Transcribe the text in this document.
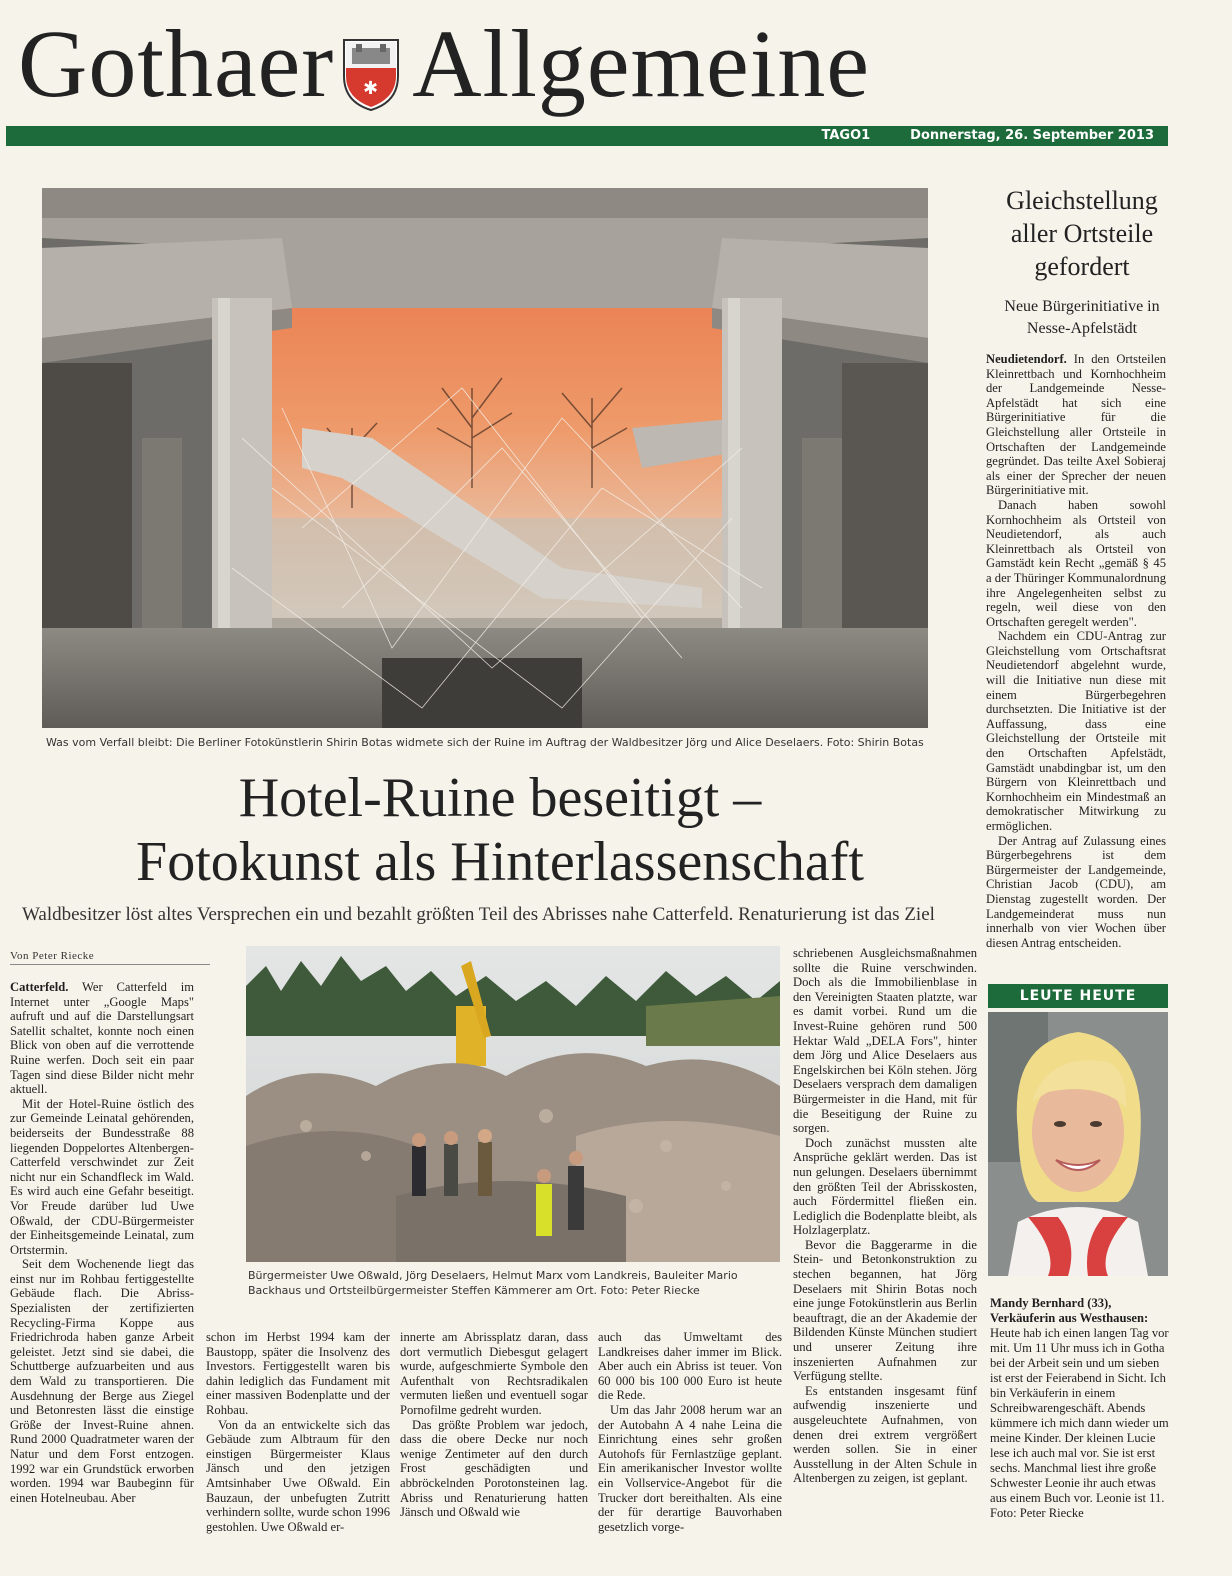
Gothaer ✱ Allgemeine
TAGO1	Donnerstag, 26. September 2013
Was vom Verfall bleibt: Die Berliner Fotokünstlerin Shirin Botas widmete sich der Ruine im Auftrag der Waldbesitzer Jörg und Alice Deselaers. Foto: Shirin Botas
Hotel-Ruine beseitigt –
Fotokunst als Hinterlassenschaft
Waldbesitzer löst altes Versprechen ein und bezahlt größten Teil des Abrisses nahe Catterfeld. Renaturierung ist das Ziel
Von Peter Riecke

Catterfeld. Wer Catterfeld im Internet unter „Google Maps" aufruft und auf die Darstellungsart Satellit schaltet, konnte noch einen Blick von oben auf die verrottende Ruine werfen. Doch seit ein paar Tagen sind diese Bilder nicht mehr aktuell.

Mit der Hotel-Ruine östlich des zur Gemeinde Leinatal gehörenden, beiderseits der Bundesstraße 88 liegenden Doppelortes Altenbergen-Catterfeld verschwindet zur Zeit nicht nur ein Schandfleck im Wald. Es wird auch eine Gefahr beseitigt. Vor Freude darüber lud Uwe Oßwald, der CDU-Bürgermeister der Einheitsgemeinde Leinatal, zum Ortstermin.

Seit dem Wochenende liegt das einst nur im Rohbau fertiggestellte Gebäude flach. Die Abriss-Spezialisten der zertifizierten Recycling-Firma Koppe aus Friedrichroda haben ganze Arbeit geleistet. Jetzt sind sie dabei, die Schuttberge aufzuarbeiten und aus dem Wald zu transportieren. Die Ausdehnung der Berge aus Ziegel und Betonresten lässt die einstige Größe der Invest-Ruine ahnen. Rund 2000 Quadratmeter waren der Natur und dem Forst entzogen. 1992 war ein Grundstück erworben worden. 1994 war Baubeginn für einen Hotelneubau. Aber

Bürgermeister Uwe Oßwald, Jörg Deselaers, Helmut Marx vom Landkreis, Bauleiter Mario Backhaus und Ortsteilbürgermeister Steffen Kämmerer am Ort. Foto: Peter Riecke

schon im Herbst 1994 kam der Baustopp, später die Insolvenz des Investors. Fertiggestellt waren bis dahin lediglich das Fundament mit einer massiven Bodenplatte und der Rohbau.

Von da an entwickelte sich das Gebäude zum Albtraum für den einstigen Bürgermeister Klaus Jänsch und den jetzigen Amtsinhaber Uwe Oßwald. Ein Bauzaun, der unbefugten Zutritt verhindern sollte, wurde schon 1996 gestohlen. Uwe Oßwald er-

innerte am Abrissplatz daran, dass dort vermutlich Diebesgut gelagert wurde, aufgeschmierte Symbole den Aufenthalt von Rechtsradikalen vermuten ließen und eventuell sogar Pornofilme gedreht wurden.

Das größte Problem war jedoch, dass die obere Decke nur noch wenige Zentimeter auf den durch Frost geschädigten und abbröckelnden Porotonsteinen lag. Abriss und Renaturierung hatten Jänsch und Oßwald wie

auch das Umweltamt des Landkreises daher immer im Blick. Aber auch ein Abriss ist teuer. Von 60 000 bis 100 000 Euro ist heute die Rede.

Um das Jahr 2008 herum war an der Autobahn A 4 nahe Leina die Einrichtung eines sehr großen Autohofs für Fernlastzüge geplant. Ein amerikanischer Investor wollte ein Vollservice-Angebot für die Trucker dort bereithalten. Als eine der für derartige Bauvorhaben gesetzlich vorge-

schriebenen Ausgleichsmaßnahmen sollte die Ruine verschwinden. Doch als die Immobilienblase in den Vereinigten Staaten platzte, war es damit vorbei. Rund um die Invest-Ruine gehören rund 500 Hektar Wald „DELA Fors", hinter dem Jörg und Alice Deselaers aus Engelskirchen bei Köln stehen. Jörg Deselaers versprach dem damaligen Bürgermeister in die Hand, mit für die Beseitigung der Ruine zu sorgen.

Doch zunächst mussten alte Ansprüche geklärt werden. Das ist nun gelungen. Deselaers übernimmt den größten Teil der Abrisskosten, auch Fördermittel fließen ein. Lediglich die Bodenplatte bleibt, als Holzlagerplatz.

Bevor die Baggerarme in die Stein- und Betonkonstruktion zu stechen begannen, hat Jörg Deselaers mit Shirin Botas noch eine junge Fotokünstlerin aus Berlin beauftragt, die an der Akademie der Bildenden Künste München studiert und unserer Zeitung ihre inszenierten Aufnahmen zur Verfügung stellte.

Es entstanden insgesamt fünf aufwendig inszenierte und ausgeleuchtete Aufnahmen, von denen drei extrem vergrößert werden sollen. Sie in einer Ausstellung in der Alten Schule in Altenbergen zu zeigen, ist geplant.

Gleichstellung aller Ortsteile gefordert
Neue Bürgerinitiative in Nesse-Apfelstädt

Neudietendorf. In den Ortsteilen Kleinrettbach und Kornhochheim der Landgemeinde Nesse-Apfelstädt hat sich eine Bürgerinitiative für die Gleichstellung aller Ortsteile in Ortschaften der Landgemeinde gegründet. Das teilte Axel Sobieraj als einer der Sprecher der neuen Bürgerinitiative mit.

Danach haben sowohl Kornhochheim als Ortsteil von Neudietendorf, als auch Kleinrettbach als Ortsteil von Gamstädt kein Recht „gemäß § 45 a der Thüringer Kommunalordnung ihre Angelegenheiten selbst zu regeln, weil diese von den Ortschaften geregelt werden".

Nachdem ein CDU-Antrag zur Gleichstellung vom Ortschaftsrat Neudietendorf abgelehnt wurde, will die Initiative nun diese mit einem Bürgerbegehren durchsetzten. Die Initiative ist der Auffassung, dass eine Gleichstellung der Ortsteile mit den Ortschaften Apfelstädt, Gamstädt unabdingbar ist, um den Bürgern von Kleinrettbach und Kornhochheim ein Mindestmaß an demokratischer Mitwirkung zu ermöglichen.

Der Antrag auf Zulassung eines Bürgerbegehrens ist dem Bürgermeister der Landgemeinde, Christian Jacob (CDU), am Dienstag zugestellt worden. Der Landgemeinderat muss nun innerhalb von vier Wochen über diesen Antrag entscheiden.

LEUTE HEUTE
Mandy Bernhard (33), Verkäuferin aus Westhausen:
Heute hab ich einen langen Tag vor mit. Um 11 Uhr muss ich in Gotha bei der Arbeit sein und um sieben ist erst der Feierabend in Sicht. Ich bin Verkäuferin in einem Schreibwarengeschäft. Abends kümmere ich mich dann wieder um meine Kinder. Der kleinen Lucie lese ich auch mal vor. Sie ist erst sechs. Manchmal liest ihre große Schwester Leonie ihr auch etwas aus einem Buch vor. Leonie ist 11. Foto: Peter Riecke
